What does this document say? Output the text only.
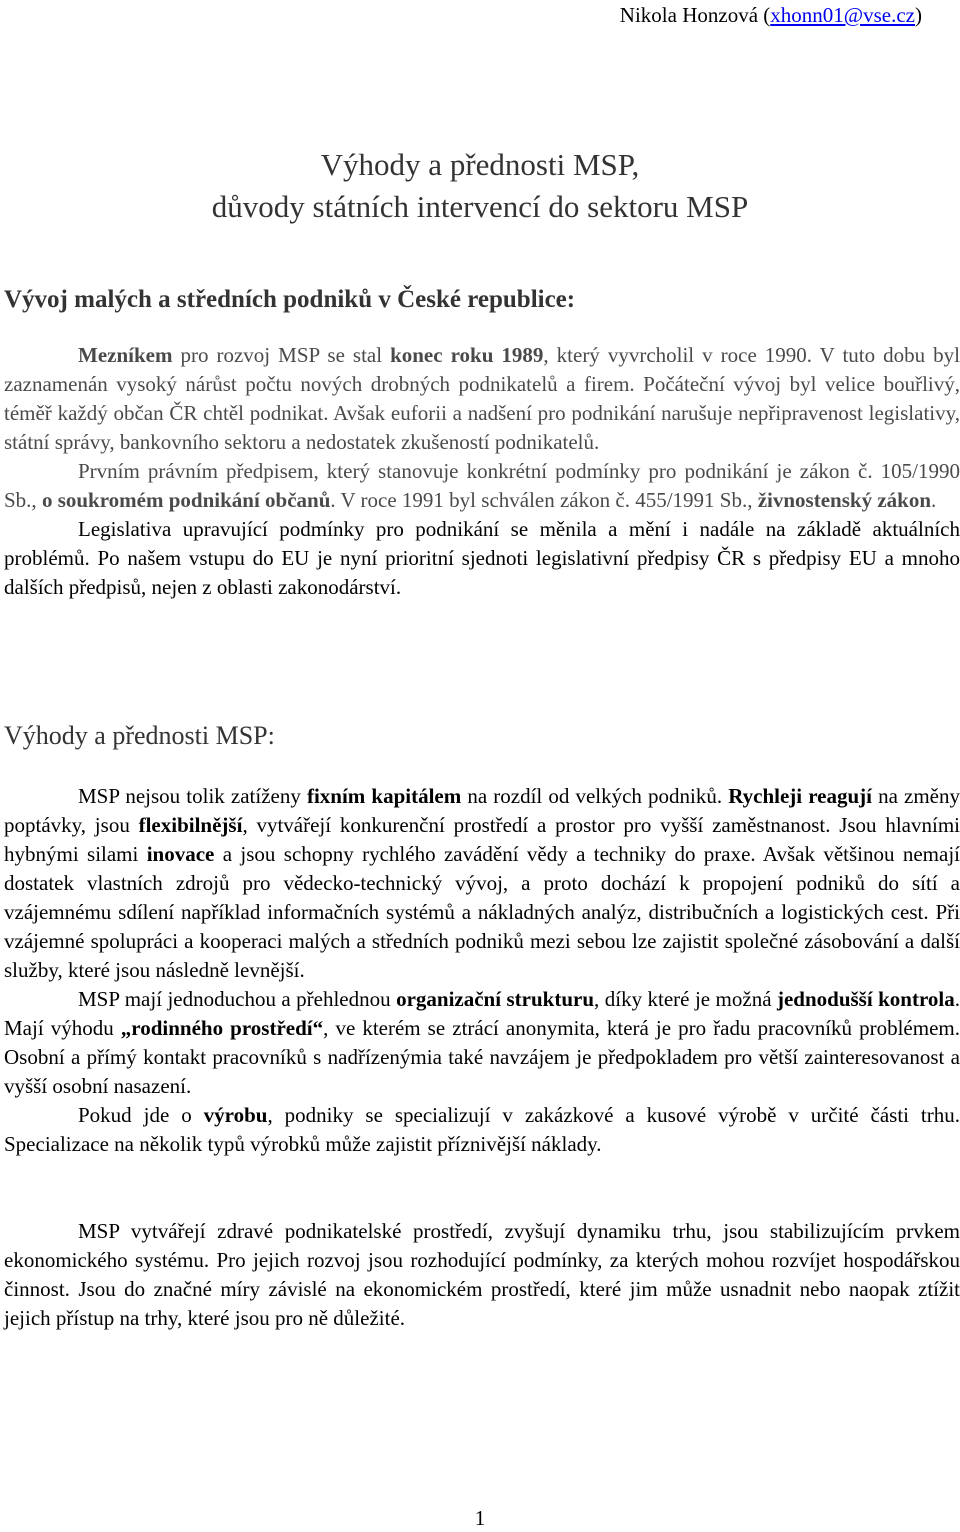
Nikola Honzová (xhonn01@vse.cz)
Výhody a přednosti MSP,
důvody státních intervencí do sektoru MSP
Vývoj malých a středních podniků v České republice:

Mezníkem pro rozvoj MSP se stal konec roku 1989, který vyvrcholil v roce 1990. V tuto dobu byl zaznamenán vysoký nárůst počtu nových drobných podnikatelů a firem. Počáteční vývoj byl velice bouřlivý, téměř každý občan ČR chtěl podnikat. Avšak euforii a nadšení pro podnikání narušuje nepřipravenost legislativy, státní správy, bankovního sektoru a nedostatek zkušeností podnikatelů.

Prvním právním předpisem, který stanovuje konkrétní podmínky pro podnikání je zákon č. 105/1990 Sb., o soukromém podnikání občanů. V roce 1991 byl schválen zákon č. 455/1991 Sb., živnostenský zákon.

Legislativa upravující podmínky pro podnikání se měnila a mění i nadále na základě aktuálních problémů. Po našem vstupu do EU je nyní prioritní sjednoti legislativní předpisy ČR s předpisy EU a mnoho dalších předpisů, nejen z oblasti zakonodárství.

Výhody a přednosti MSP:

MSP nejsou tolik zatíženy fixním kapitálem na rozdíl od velkých podniků. Rychleji reagují na změny poptávky, jsou flexibilnější, vytvářejí konkurenční prostředí a prostor pro vyšší zaměstnanost. Jsou hlavními hybnými silami inovace a jsou schopny rychlého zavádění vědy a techniky do praxe. Avšak většinou nemají dostatek vlastních zdrojů pro vědecko-technický vývoj, a proto dochází k propojení podniků do sítí a vzájemnému sdílení například informačních systémů a nákladných analýz, distribučních a logistických cest. Při vzájemné spolupráci a kooperaci malých a středních podniků mezi sebou lze zajistit společné zásobování a další služby, které jsou následně levnější.

MSP mají jednoduchou a přehlednou organizační strukturu, díky které je možná jednodušší kontrola. Mají výhodu „rodinného prostředí“, ve kterém se ztrácí anonymita, která je pro řadu pracovníků problémem. Osobní a přímý kontakt pracovníků s nadřízenýmia také navzájem je předpokladem pro větší zainteresovanost a vyšší osobní nasazení.

Pokud jde o výrobu, podniky se specializují v zakázkové a kusové výrobě v určité části trhu. Specializace na několik typů výrobků může zajistit příznivější náklady.

MSP vytvářejí zdravé podnikatelské prostředí, zvyšují dynamiku trhu, jsou stabilizujícím prvkem ekonomického systému. Pro jejich rozvoj jsou rozhodující podmínky, za kterých mohou rozvíjet hospodářskou činnost. Jsou do značné míry závislé na ekonomickém prostředí, které jim může usnadnit nebo naopak ztížit jejich přístup na trhy, které jsou pro ně důležité.

1
